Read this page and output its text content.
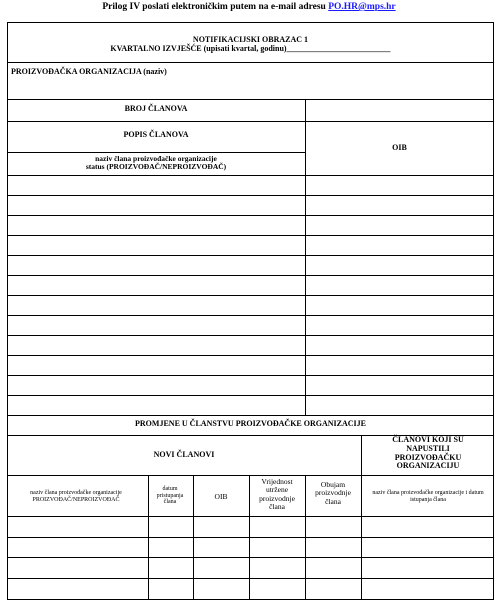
Prilog IV poslati elektroničkim putem na e-mail adresu PO.HR@mps.hr
NOTIFIKACIJSKI OBRAZAC 1
KVARTALNO IZVJEŠĆE (upisati kvartal, godinu)__________________________
PROIZVOĐAČKA ORGANIZACIJA (naziv)
BROJ ČLANOVA
POPIS ČLANOVA
naziv člana proizvođačke organizacije
status (PROIZVOĐAČ/NEPROIZVOĐAČ)
OIB
PROMJENE U ČLANSTVU PROIZVOĐAČKE ORGANIZACIJE
NOVI ČLANOVI
ČLANOVI KOJI SU NAPUSTILI PROIZVOĐAČKU ORGANIZACIJU
naziv člana proizvođačke organizacije PROIZVOĐAČ/NEPROIZVOĐAČ
datum pristupanja člana
OIB
Vrijednost utržene proizvodnje člana
Obujam proizvodnje člana
naziv člana proizvođačke organizacije i datum istupanja člana
